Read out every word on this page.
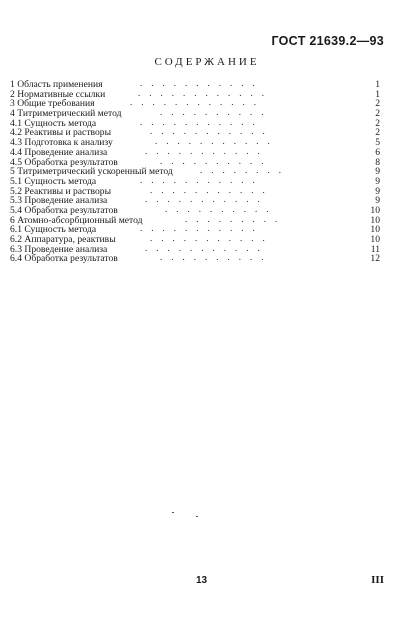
ГОСТ 21639.2—93
СОДЕРЖАНИЕ
1 Область применения	...........	1
2 Нормативные ссылки	............	1
3 Общие требования	............	2
4 Титриметрический метод	..........	2
4.1 Сущность метода	...........	2
4.2 Реактивы и растворы	...........	2
4.3 Подготовка к анализу	...........	5
4.4 Проведение анализа	...........	6
4.5 Обработка результатов	..........	8
5 Титриметрический ускоренный метод	........	9
5.1 Сущность метода	...........	9
5.2 Реактивы и растворы	...........	9
5.3 Проведение анализа	...........	9
5.4 Обработка результатов	..........	10
6 Атомно-абсорбционный метод	.........	10
6.1 Сущность метода	...........	10
6.2 Аппаратура, реактивы	...........	10
6.3 Проведение анализа	...........	11
6.4 Обработка результатов	..........	12
13	III
